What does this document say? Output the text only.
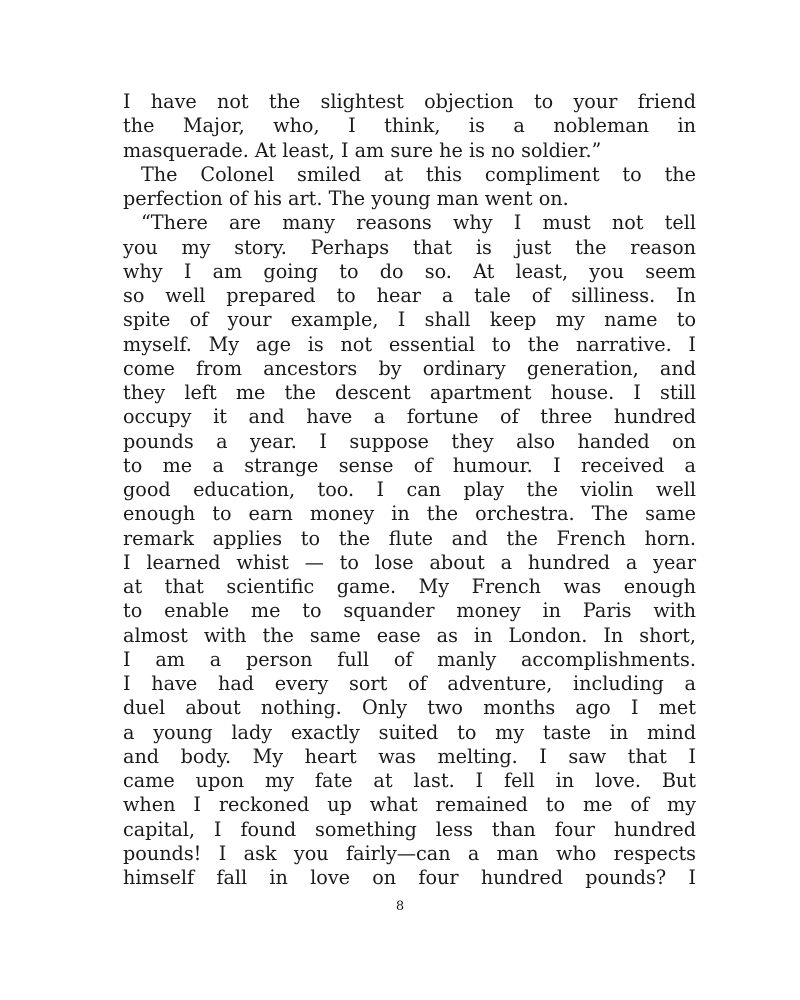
I have not the slightest objection to your friend
the Major, who, I think, is a nobleman in
masquerade. At least, I am sure he is no soldier.”
The Colonel smiled at this compliment to the
perfection of his art. The young man went on.
“There are many reasons why I must not tell
you my story. Perhaps that is just the reason
why I am going to do so. At least, you seem
so well prepared to hear a tale of silliness. In
spite of your example, I shall keep my name to
myself. My age is not essential to the narrative. I
come from ancestors by ordinary generation, and
they left me the descent apartment house. I still
occupy it and have a fortune of three hundred
pounds a year. I suppose they also handed on
to me a strange sense of humour. I received a
good education, too. I can play the violin well
enough to earn money in the orchestra. The same
remark applies to the flute and the French horn.
I learned whist — to lose about a hundred a year
at that scientific game. My French was enough
to enable me to squander money in Paris with
almost with the same ease as in London. In short,
I am a person full of manly accomplishments.
I have had every sort of adventure, including a
duel about nothing. Only two months ago I met
a young lady exactly suited to my taste in mind
and body. My heart was melting. I saw that I
came upon my fate at last. I fell in love. But
when I reckoned up what remained to me of my
capital, I found something less than four hundred
pounds! I ask you fairly—can a man who respects
himself fall in love on four hundred pounds? I
8
